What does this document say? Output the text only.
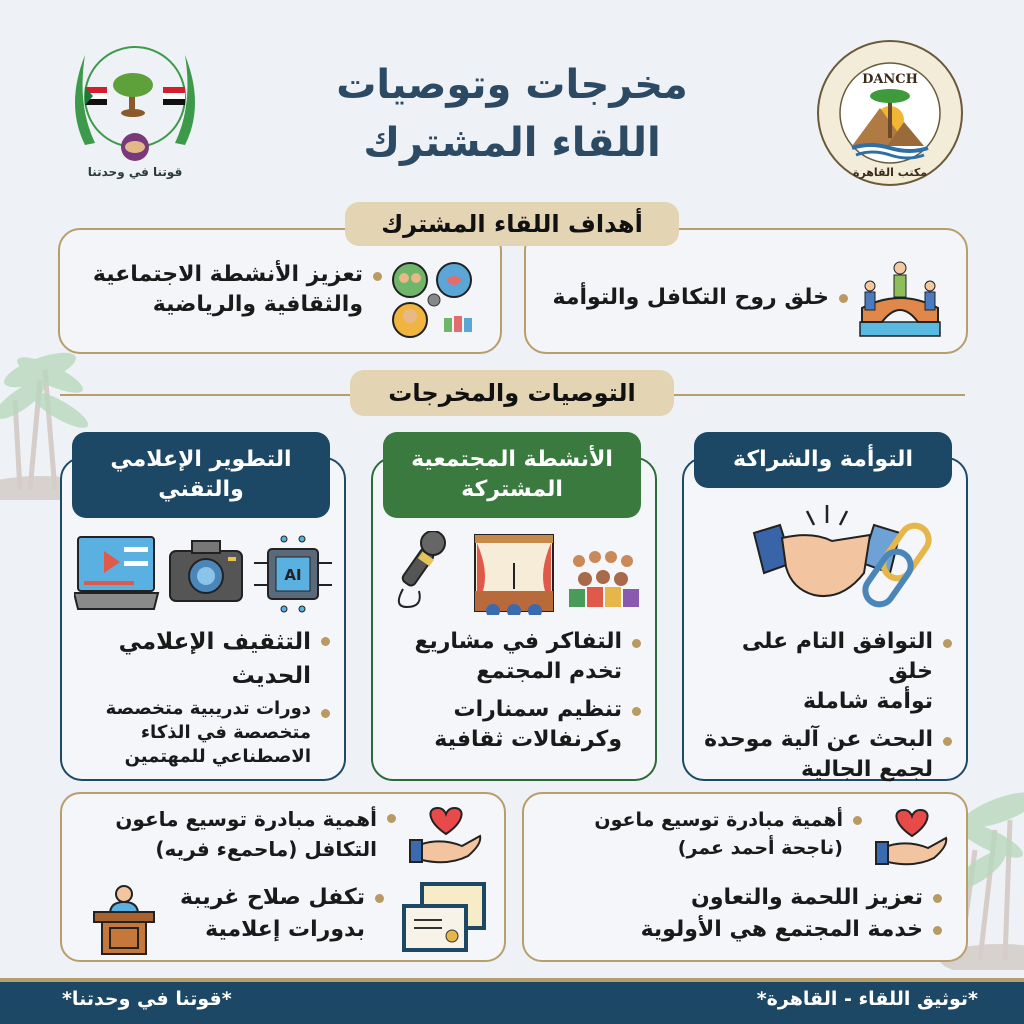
قوتنا في وحدتنا
DANCH
مكتب القاهرة
مخرجات وتوصيات
اللقاء المشترك
تعزيز الأنشطة الاجتماعية
والثقافية والرياضية	خلق روح التكافل والتوأمة
أهداف اللقاء المشترك
التوصيات والمخرجات
التوافق التام على خلق
توأمة شاملة
البحث عن آلية موحدة
لجمع الجالية
التوأمة والشراكة
التفاكر في مشاريع
تخدم المجتمع
تنظيم سمنارات
وكرنفالات ثقافية
الأنشطة المجتمعية
المشتركة
AI
التثقيف الإعلامي
الحديث
دورات تدريبية متخصصة
متخصصة في الذكاء
الاصطناعي للمهتمين
التطوير الإعلامي
والتقني
أهمية مبادرة توسيع ماعون
(ناجحة أحمد عمر)
تعزيز اللحمة والتعاون
خدمة المجتمع هي الأولوية
أهمية مبادرة توسيع ماعون
التكافل (ماحمعء فريه)
تكفل صلاح غريبة
بدورات إعلامية
*توثيق اللقاء - القاهرة*
*قوتنا في وحدتنا*
